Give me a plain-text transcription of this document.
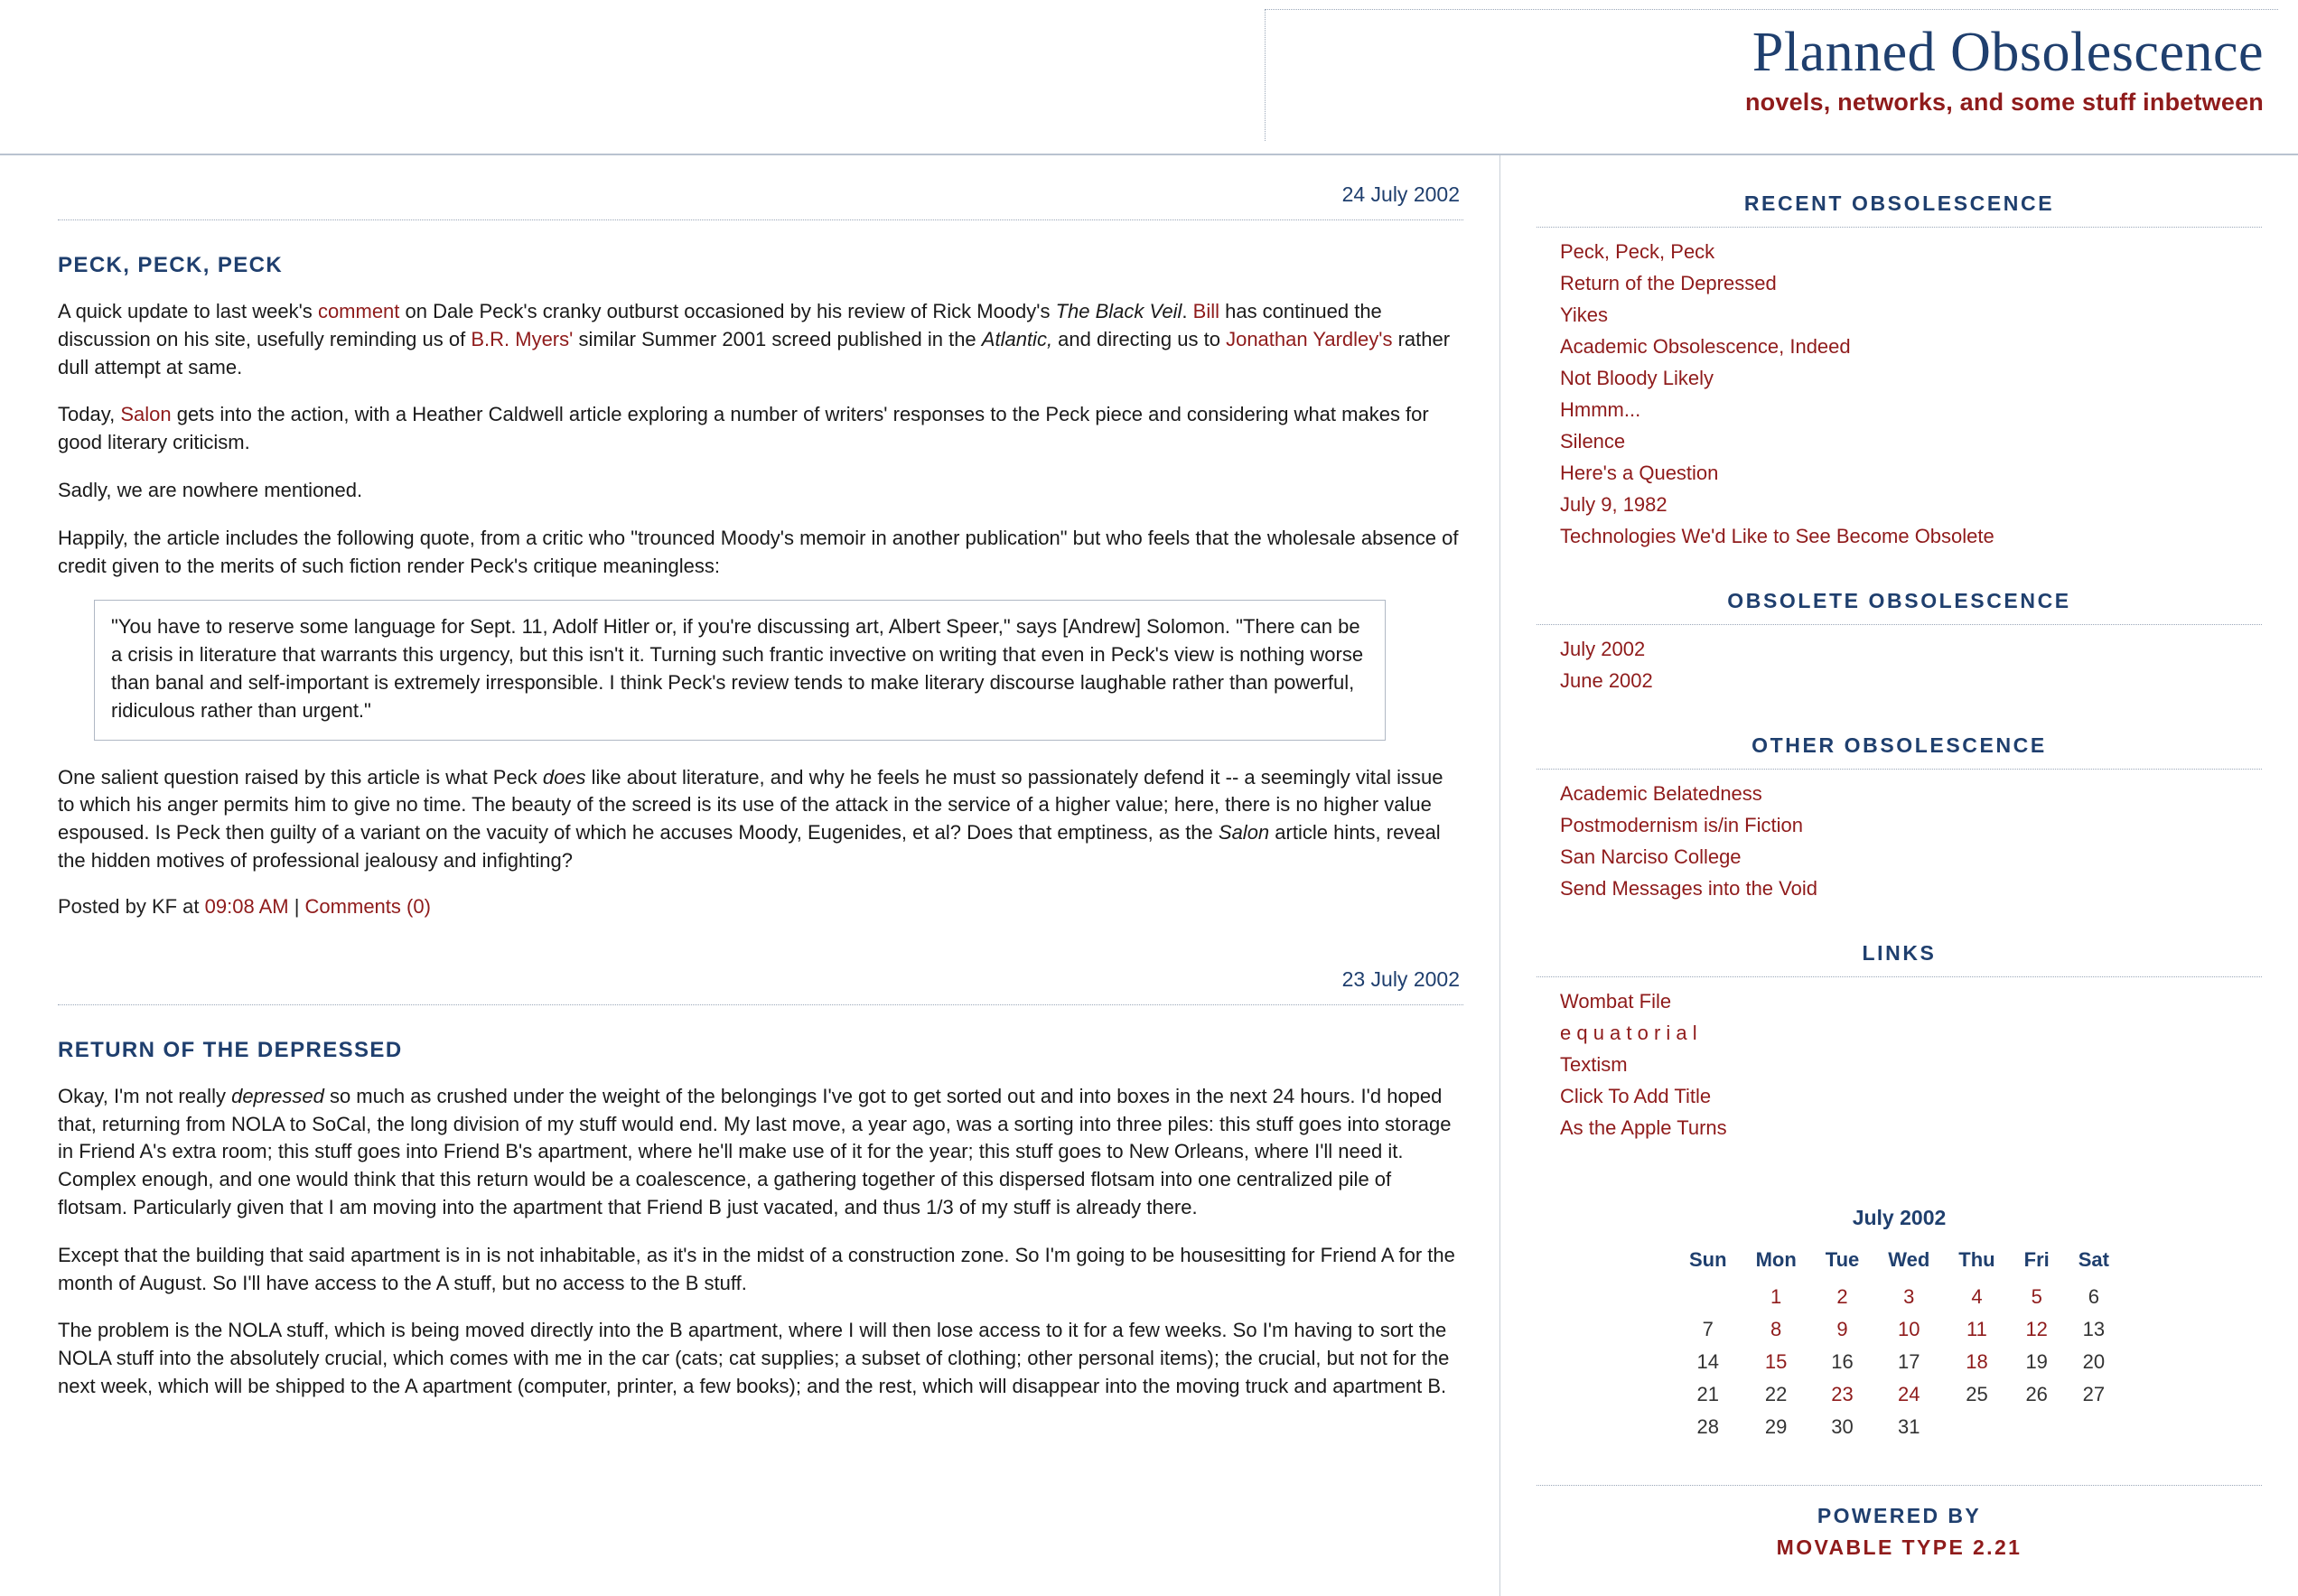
Planned Obsolescence
novels, networks, and some stuff inbetween
24 July 2002
PECK, PECK, PECK

A quick update to last week's comment on Dale Peck's cranky outburst occasioned by his review of Rick Moody's The Black Veil. Bill has continued the discussion on his site, usefully reminding us of B.R. Myers' similar Summer 2001 screed published in the Atlantic, and directing us to Jonathan Yardley's rather dull attempt at same.

Today, Salon gets into the action, with a Heather Caldwell article exploring a number of writers' responses to the Peck piece and considering what makes for good literary criticism.

Sadly, we are nowhere mentioned.

Happily, the article includes the following quote, from a critic who "trounced Moody's memoir in another publication" but who feels that the wholesale absence of credit given to the merits of such fiction render Peck's critique meaningless:

"You have to reserve some language for Sept. 11, Adolf Hitler or, if you're discussing art, Albert Speer," says [Andrew] Solomon. "There can be a crisis in literature that warrants this urgency, but this isn't it. Turning such frantic invective on writing that even in Peck's view is nothing worse than banal and self-important is extremely irresponsible. I think Peck's review tends to make literary discourse laughable rather than powerful, ridiculous rather than urgent."

One salient question raised by this article is what Peck does like about literature, and why he feels he must so passionately defend it -- a seemingly vital issue to which his anger permits him to give no time. The beauty of the screed is its use of the attack in the service of a higher value; here, there is no higher value espoused. Is Peck then guilty of a variant on the vacuity of which he accuses Moody, Eugenides, et al? Does that emptiness, as the Salon article hints, reveal the hidden motives of professional jealousy and infighting?

Posted by KF at 09:08 AM | Comments (0)
23 July 2002
RETURN OF THE DEPRESSED

Okay, I'm not really depressed so much as crushed under the weight of the belongings I've got to get sorted out and into boxes in the next 24 hours. I'd hoped that, returning from NOLA to SoCal, the long division of my stuff would end. My last move, a year ago, was a sorting into three piles: this stuff goes into storage in Friend A's extra room; this stuff goes into Friend B's apartment, where he'll make use of it for the year; this stuff goes to New Orleans, where I'll need it. Complex enough, and one would think that this return would be a coalescence, a gathering together of this dispersed flotsam into one centralized pile of flotsam. Particularly given that I am moving into the apartment that Friend B just vacated, and thus 1/3 of my stuff is already there.

Except that the building that said apartment is in is not inhabitable, as it's in the midst of a construction zone. So I'm going to be housesitting for Friend A for the month of August. So I'll have access to the A stuff, but no access to the B stuff.

The problem is the NOLA stuff, which is being moved directly into the B apartment, where I will then lose access to it for a few weeks. So I'm having to sort the NOLA stuff into the absolutely crucial, which comes with me in the car (cats; cat supplies; a subset of clothing; other personal items); the crucial, but not for the next week, which will be shipped to the A apartment (computer, printer, a few books); and the rest, which will disappear into the moving truck and apartment B.

RECENT OBSOLESCENCE
Peck, Peck, Peck
Return of the Depressed
Yikes
Academic Obsolescence, Indeed
Not Bloody Likely
Hmmm...
Silence
Here's a Question
July 9, 1982
Technologies We'd Like to See Become Obsolete
OBSOLETE OBSOLESCENCE
July 2002
June 2002
OTHER OBSOLESCENCE
Academic Belatedness
Postmodernism is/in Fiction
San Narciso College
Send Messages into the Void
LINKS
Wombat File
e q u a t o r i a l
Textism
Click To Add Title
As the Apple Turns
July 2002
Sun	Mon	Tue	Wed	Thu	Fri	Sat
	1	2	3	4	5	6
7	8	9	10	11	12	13
14	15	16	17	18	19	20
21	22	23	24	25	26	27
28	29	30	31			
POWERED BY
MOVABLE TYPE 2.21
